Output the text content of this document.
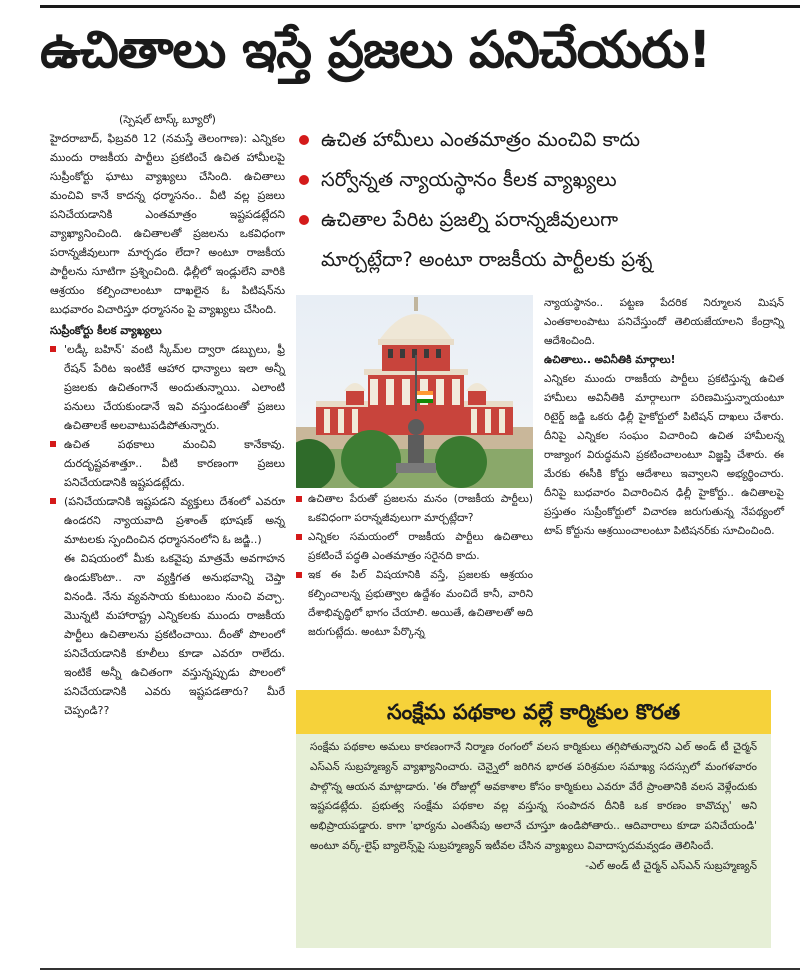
ఉచితాలు ఇస్తే ప్రజలు పనిచేయరు!

(స్పెషల్ టాస్క్ బ్యూరో)

హైదరాబాద్, ఫిబ్రవరి 12 (నమస్తే తెలంగాణ): ఎన్నికల ముందు రాజకీయ పార్టీలు ప్రకటించే ఉచిత హామీలపై సుప్రీంకోర్టు ఘాటు వ్యాఖ్యలు చేసింది. ఉచితాలు మంచివి కానే కాదన్న ధర్మాసనం.. వీటి వల్ల ప్రజలు పనిచేయడానికి ఎంతమాత్రం ఇష్టపడట్లేదని వ్యాఖ్యానించింది. ఉచితాలతో ప్రజలను ఒకవిధంగా పరాన్నజీవులుగా మార్చడం లేదా? అంటూ రాజకీయ పార్టీలను సూటిగా ప్రశ్నించింది. ఢిల్లీలో ఇండ్లులేని వారికి ఆశ్రయం కల్పించాలంటూ దాఖలైన ఓ పిటిషన్‌ను బుధవారం విచారిస్తూ ధర్మాసనం పై వ్యాఖ్యలు చేసింది.

సుప్రీంకోర్టు కీలక వ్యాఖ్యలు

'లడ్కీ బహిన్' వంటి స్కీమ్‌ల ద్వారా డబ్బులు, ఫ్రీ రేషన్ పేరిట ఇంటికే ఆహార ధాన్యాలు ఇలా అన్నీ ప్రజలకు ఉచితంగానే అందుతున్నాయి. ఎలాంటి పనులు చేయకుండానే ఇవి వస్తుండటంతో ప్రజలు ఉచితాలకే అలవాటుపడిపోతున్నారు.
ఉచిత పథకాలు మంచివి కానేకావు. దురదృష్టవశాత్తూ.. వీటి కారణంగా ప్రజలు పనిచేయడానికి ఇష్టపడట్లేదు.
(పనిచేయడానికి ఇష్టపడని వ్యక్తులు దేశంలో ఎవరూ ఉండరని న్యాయవాది ప్రశాంత్ భూషణ్ అన్న మాటలకు స్పందించిన ధర్మాసనంలోని ఓ జడ్జి..)

ఈ విషయంలో మీకు ఒకవైపు మాత్రమే అవగాహన ఉండుకొంటా.. నా వ్యక్తిగత అనుభవాన్ని చెప్తా వినండి. నేను వ్యవసాయ కుటుంబం నుంచి వచ్చా. మొన్నటి మహారాష్ట్ర ఎన్నికలకు ముందు రాజకీయ పార్టీలు ఉచితాలను ప్రకటించాయి. దీంతో పొలంలో పనిచేయడానికి కూలీలు కూడా ఎవరూ రాలేదు. ఇంటికే అన్నీ ఉచితంగా వస్తున్నప్పుడు పొలంలో పనిచేయడానికి ఎవరు ఇష్టపడతారు? మీరే చెప్పండి??

ఉచిత హామీలు ఎంతమాత్రం మంచివి కాదు
సర్వోన్నత న్యాయస్థానం కీలక వ్యాఖ్యలు
ఉచితాల పేరిట ప్రజల్ని పరాన్నజీవులుగా
మార్చట్లేదా? అంటూ రాజకీయ పార్టీలకు ప్రశ్న
ఉచితాల పేరుతో ప్రజలను మనం (రాజకీయ పార్టీలు) ఒకవిధంగా పరాన్నజీవులుగా మార్చట్లేదా?
ఎన్నికల సమయంలో రాజకీయ పార్టీలు ఉచితాలు ప్రకటించే పద్ధతి ఎంతమాత్రం సరైనది కాదు.
ఇక ఈ పిల్ విషయానికి వస్తే, ప్రజలకు ఆశ్రయం కల్పించాలన్న ప్రభుత్వాల ఉద్దేశం మంచిదే కానీ, వారిని దేశాభివృద్ధిలో భాగం చేయాలి. అయితే, ఉచితాలతో అది జరుగుట్లేదు. అంటూ పేర్కొన్న

న్యాయస్థానం.. పట్టణ పేదరిక నిర్మూలన మిషన్ ఎంతకాలంపాటు పనిచేస్తుందో తెలియజేయాలని కేంద్రాన్ని ఆదేశించింది.

ఉచితాలు.. అవినీతికి మార్గాలు!

ఎన్నికల ముందు రాజకీయ పార్టీలు ప్రకటిస్తున్న ఉచిత హామీలు అవినీతికి మార్గాలుగా పరిణమిస్తున్నాయంటూ రిటైర్డ్ జడ్జి ఒకరు ఢిల్లీ హైకోర్టులో పిటిషన్ దాఖలు చేశారు. దీనిపై ఎన్నికల సంఘం విచారించి ఉచిత హామీలన్న రాజ్యాంగ విరుద్ధమని ప్రకటించాలంటూ విజ్ఞప్తి చేశారు. ఈ మేరకు ఈసీకి కోర్టు ఆదేశాలు ఇవ్వాలని అభ్యర్థించారు. దీనిపై బుధవారం విచారించిన ఢిల్లీ హైకోర్టు.. ఉచితాలపై ప్రస్తుతం సుప్రీంకోర్టులో విచారణ జరుగుతున్న నేపథ్యంలో టాప్ కోర్టును ఆశ్రయించాలంటూ పిటిషనర్‌కు సూచించింది.

సంక్షేమ పథకాల వల్లే కార్మికుల కొరత

సంక్షేమ పథకాల అమలు కారణంగానే నిర్మాణ రంగంలో వలస కార్మికులు తగ్గిపోతున్నారని ఎల్ అండ్ టీ చైర్మన్ ఎస్ఎన్ సుబ్రహ్మణ్యన్ వ్యాఖ్యానించారు. చెన్నైలో జరిగిన భారత పరిశ్రమల సమాఖ్య సదస్సులో మంగళవారం పాల్గొన్న ఆయన మాట్లాడారు. 'ఈ రోజుల్లో అవకాశాల కోసం కార్మికులు ఎవరూ వేరే ప్రాంతానికి వలస వెళ్లేందుకు ఇష్టపడట్లేదు. ప్రభుత్వ సంక్షేమ పథకాల వల్ల వస్తున్న సంపాదన దీనికి ఒక కారణం కావొచ్చు' అని అభిప్రాయపడ్డారు. కాగా 'భార్యను ఎంతసేపు అలానే చూస్తూ ఉండిపోతారు.. ఆదివారాలు కూడా పనిచేయండి' అంటూ వర్క్-లైఫ్ బ్యాలెన్స్‌పై సుబ్రహ్మణ్యన్ ఇటీవల చేసిన వ్యాఖ్యలు వివాదాస్పదమవ్వడం తెలిసిందే.

-ఎల్ అండ్ టీ చైర్మన్ ఎస్ఎన్ సుబ్రహ్మణ్యన్
